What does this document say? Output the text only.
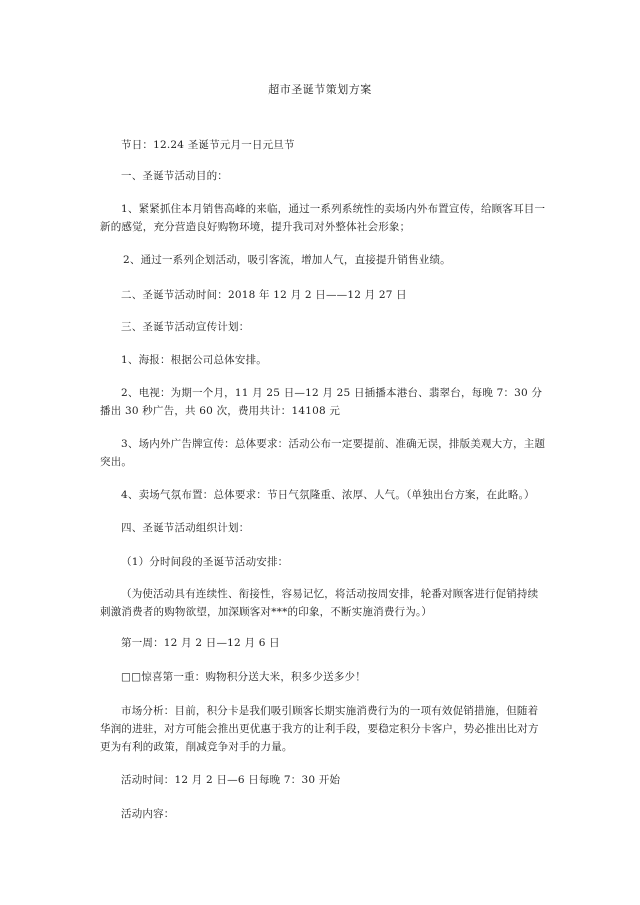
超市圣诞节策划方案
节日：12.24 圣诞节元月一日元旦节
一、圣诞节活动目的：
1、紧紧抓住本月销售高峰的来临，通过一系列系统性的卖场内外布置宣传，给顾客耳目一新的感觉，充分营造良好购物环境，提升我司对外整体社会形象；
2、通过一系列企划活动，吸引客流，增加人气，直接提升销售业绩。
二、圣诞节活动时间：2018 年 12 月 2 日——12 月 27 日
三、圣诞节活动宣传计划：
1、海报：根据公司总体安排。
2、电视：为期一个月，11 月 25 日—12 月 25 日插播本港台、翡翠台，每晚 7：30 分播出 30 秒广告，共 60 次，费用共计：14108 元
3、场内外广告牌宣传：总体要求：活动公布一定要提前、准确无误，排版美观大方，主题突出。
4、卖场气氛布置：总体要求：节日气氛隆重、浓厚、人气。（单独出台方案，在此略。）
四、圣诞节活动组织计划：
（1）分时间段的圣诞节活动安排：
（为使活动具有连续性、衔接性，容易记忆，将活动按周安排，轮番对顾客进行促销持续刺激消费者的购物欲望，加深顾客对***的印象，不断实施消费行为。）
第一周：12 月 2 日—12 月 6 日
□□惊喜第一重：购物积分送大米，积多少送多少！
市场分析：目前，积分卡是我们吸引顾客长期实施消费行为的一项有效促销措施，但随着华润的进驻，对方可能会推出更优惠于我方的让利手段，要稳定积分卡客户，势必推出比对方更为有利的政策，削减竞争对手的力量。
活动时间：12 月 2 日—6 日每晚 7：30 开始
活动内容：
